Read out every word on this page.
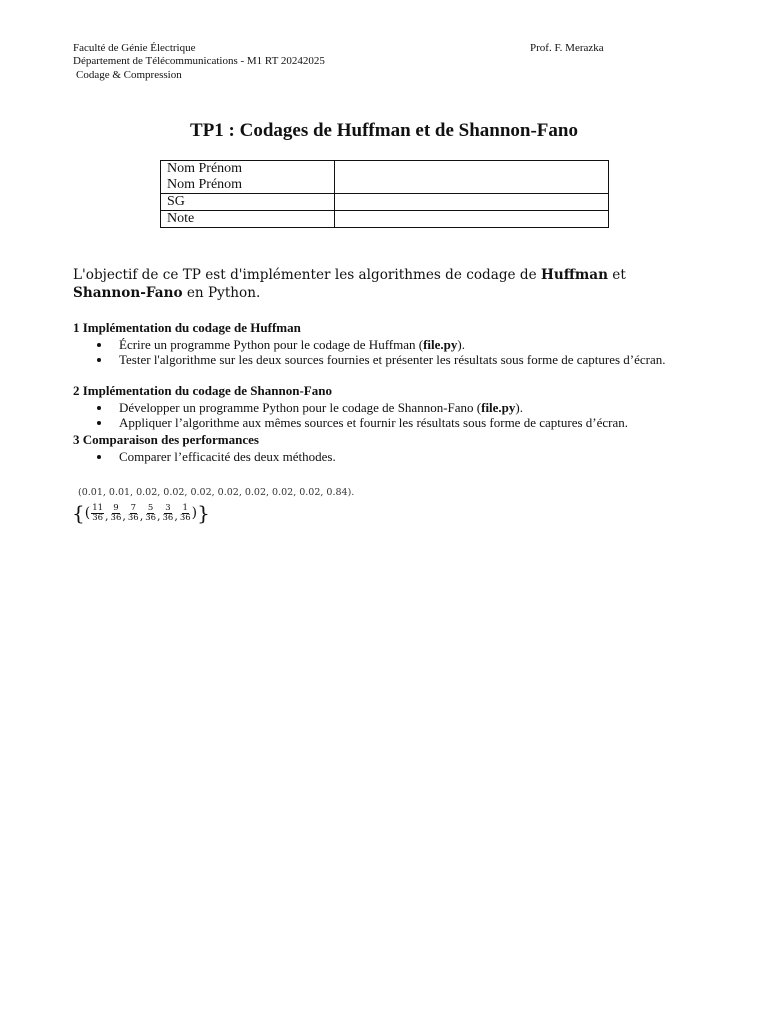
Faculté de Génie Électrique
Département de Télécommunications - M1 RT 20242025
Codage & Compression
Prof. F. Merazka
TP1 : Codages de Huffman et de Shannon-Fano
Nom Prénom
Nom Prénom	

SG	

Note	

L'objectif de ce TP est d'implémenter les algorithmes de codage de Huffman et Shannon-Fano en Python.
1 Implémentation du codage de Huffman
Écrire un programme Python pour le codage de Huffman (file.py).
Tester l'algorithme sur les deux sources fournies et présenter les résultats sous forme de captures d’écran.
2 Implémentation du codage de Shannon-Fano
Développer un programme Python pour le codage de Shannon-Fano (file.py).
Appliquer l’algorithme aux mêmes sources et fournir les résultats sous forme de captures d’écran.
3 Comparaison des performances
Comparer l’efficacité des deux méthodes.
(0.01, 0.01, 0.02, 0.02, 0.02, 0.02, 0.02, 0.02, 0.02, 0.84).
{ ( $\frac{11}{36}$ , $\frac{9}{36}$ , $\frac{7}{36}$ , $\frac{5}{36}$ , $\frac{3}{36}$ , $\frac{1}{36}$ ) }
